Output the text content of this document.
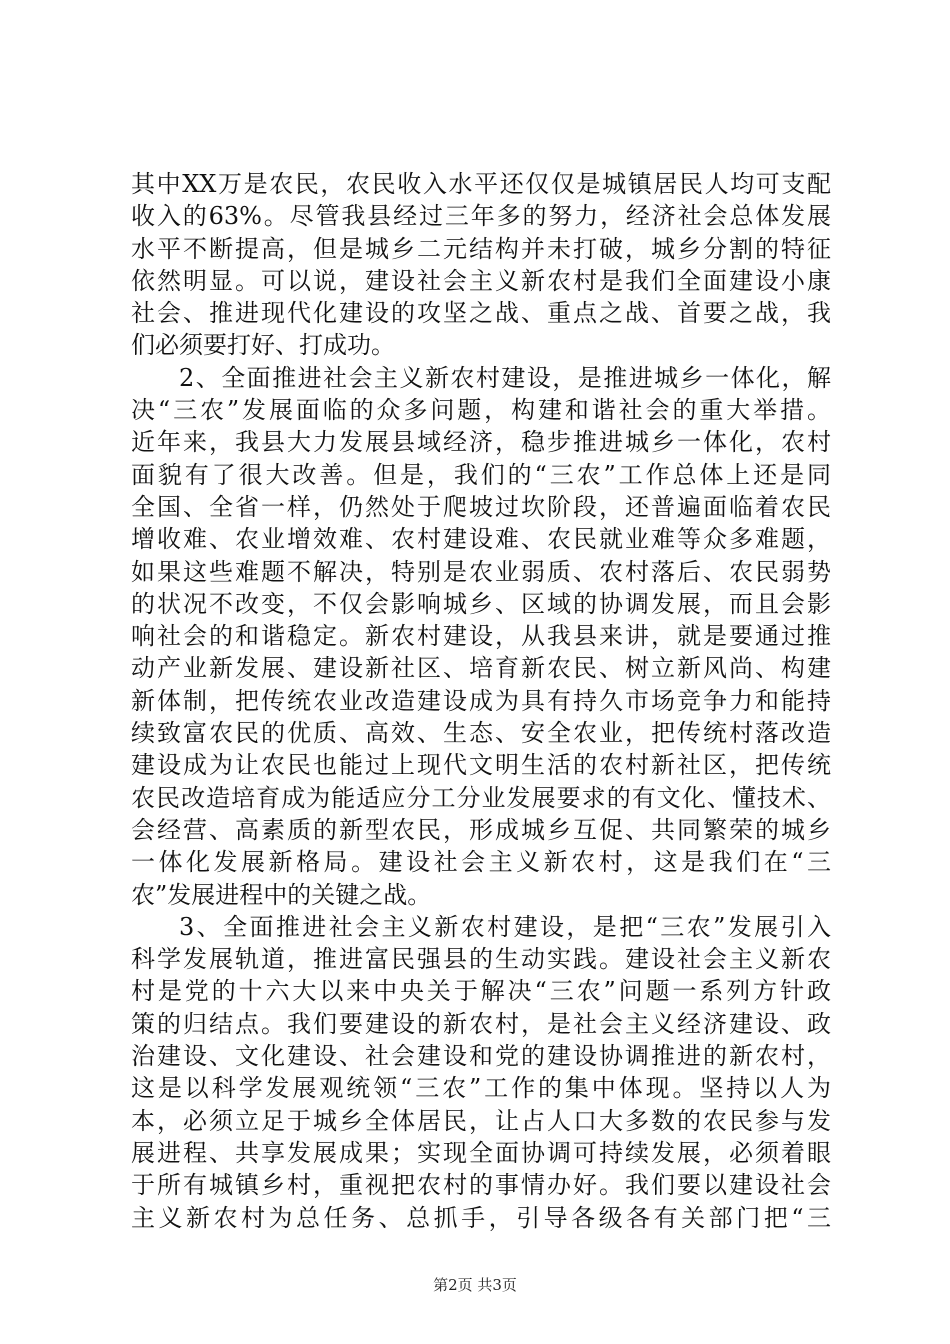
其中XX万是农民，农民收入水平还仅仅是城镇居民人均可支配
收入的63%。尽管我县经过三年多的努力，经济社会总体发展
水平不断提高，但是城乡二元结构并未打破，城乡分割的特征
依然明显。可以说，建设社会主义新农村是我们全面建设小康
社会、推进现代化建设的攻坚之战、重点之战、首要之战，我
们必须要打好、打成功。
2、全面推进社会主义新农村建设，是推进城乡一体化，解
决“三农”发展面临的众多问题，构建和谐社会的重大举措。
近年来，我县大力发展县域经济，稳步推进城乡一体化，农村
面貌有了很大改善。但是，我们的“三农”工作总体上还是同
全国、全省一样，仍然处于爬坡过坎阶段，还普遍面临着农民
增收难、农业增效难、农村建设难、农民就业难等众多难题，
如果这些难题不解决，特别是农业弱质、农村落后、农民弱势
的状况不改变，不仅会影响城乡、区域的协调发展，而且会影
响社会的和谐稳定。新农村建设，从我县来讲，就是要通过推
动产业新发展、建设新社区、培育新农民、树立新风尚、构建
新体制，把传统农业改造建设成为具有持久市场竞争力和能持
续致富农民的优质、高效、生态、安全农业，把传统村落改造
建设成为让农民也能过上现代文明生活的农村新社区，把传统
农民改造培育成为能适应分工分业发展要求的有文化、懂技术、
会经营、高素质的新型农民，形成城乡互促、共同繁荣的城乡
一体化发展新格局。建设社会主义新农村，这是我们在“三
农”发展进程中的关键之战。
3、全面推进社会主义新农村建设，是把“三农”发展引入
科学发展轨道，推进富民强县的生动实践。建设社会主义新农
村是党的十六大以来中央关于解决“三农”问题一系列方针政
策的归结点。我们要建设的新农村，是社会主义经济建设、政
治建设、文化建设、社会建设和党的建设协调推进的新农村，
这是以科学发展观统领“三农”工作的集中体现。坚持以人为
本，必须立足于城乡全体居民，让占人口大多数的农民参与发
展进程、共享发展成果；实现全面协调可持续发展，必须着眼
于所有城镇乡村，重视把农村的事情办好。我们要以建设社会
主义新农村为总任务、总抓手，引导各级各有关部门把“三
第2页 共3页
